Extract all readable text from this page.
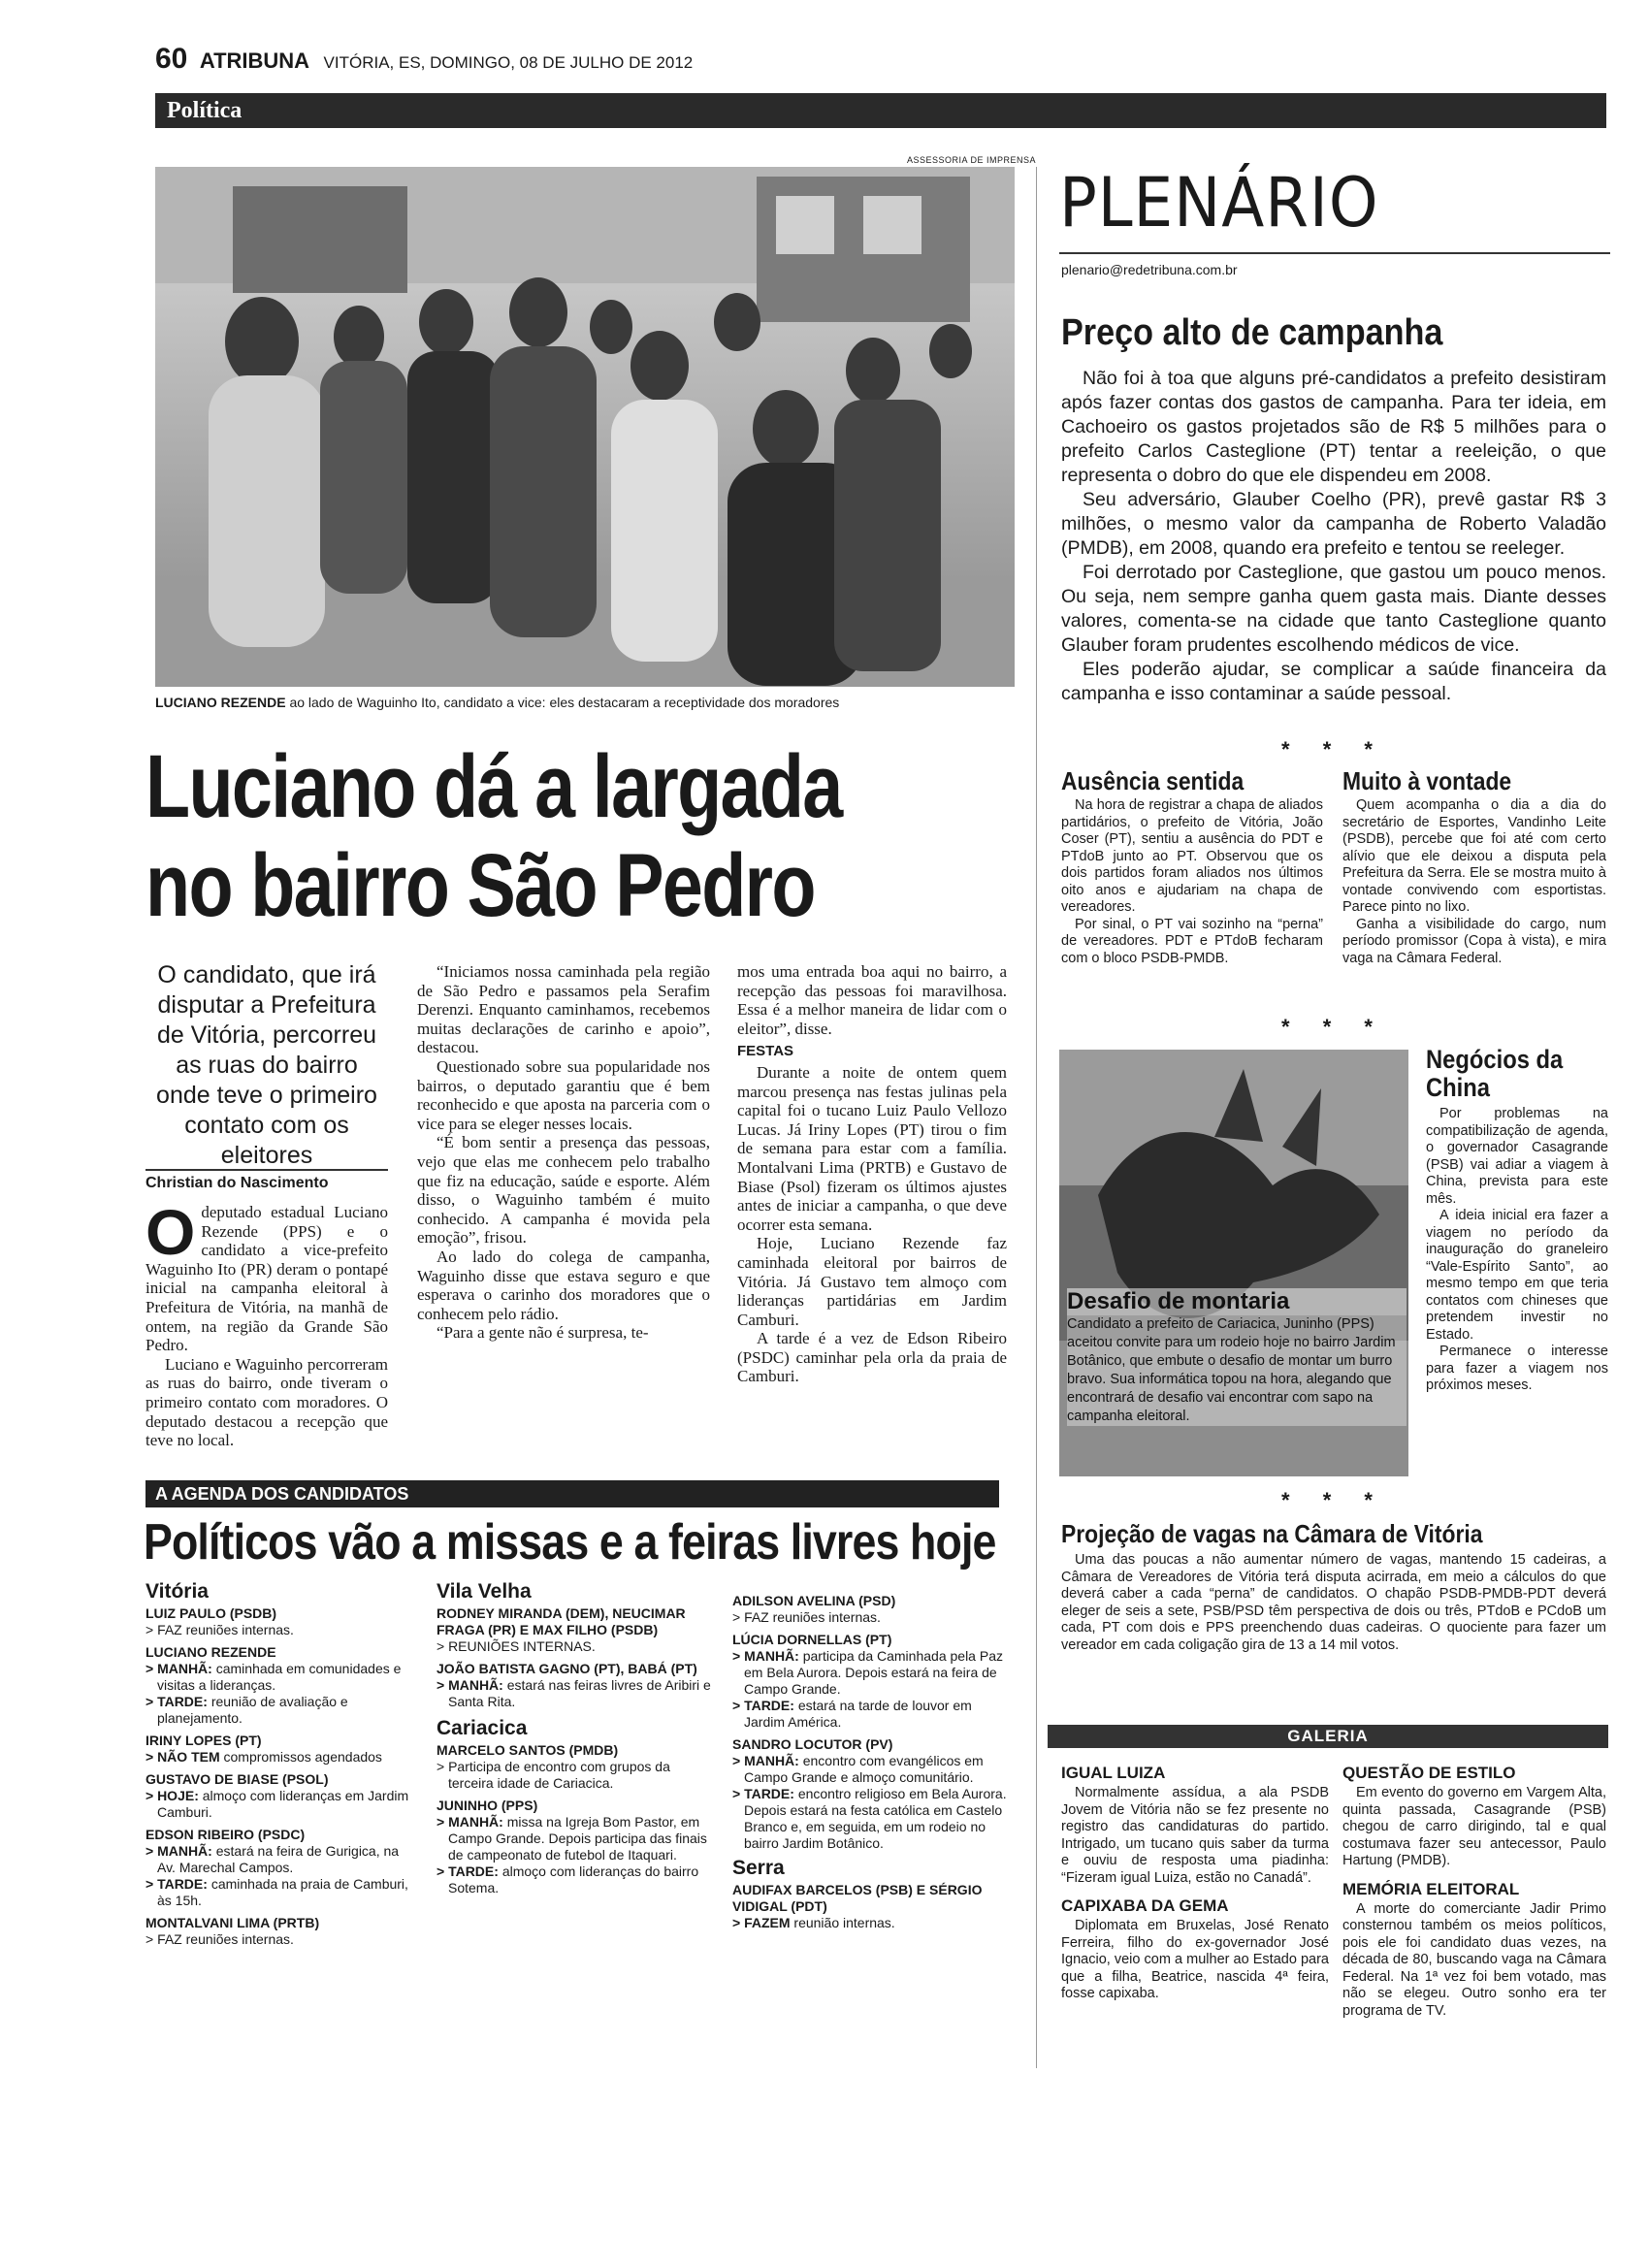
60 ATRIBUNA VITÓRIA, ES, DOMINGO, 08 DE JULHO DE 2012
Política
ASSESSORIA DE IMPRENSA
LUCIANO REZENDE ao lado de Waguinho Ito, candidato a vice: eles destacaram a receptividade dos moradores
Luciano dá a largada
no bairro São Pedro
O candidato, que irá disputar a Prefeitura de Vitória, percorreu as ruas do bairro onde teve o primeiro contato com os eleitores
Christian do Nascimento
O deputado estadual Luciano Rezende (PPS) e o candidato a vice-prefeito Waguinho Ito (PR) deram o pontapé inicial na campanha eleitoral à Prefeitura de Vitória, na manhã de ontem, na região da Grande São Pedro.

Luciano e Waguinho percorreram as ruas do bairro, onde tiveram o primeiro contato com moradores. O deputado destacou a recepção que teve no local.

“Iniciamos nossa caminhada pela região de São Pedro e passamos pela Serafim Derenzi. Enquanto caminhamos, recebemos muitas declarações de carinho e apoio”, destacou.

Questionado sobre sua popularidade nos bairros, o deputado garantiu que é bem reconhecido e que aposta na parceria com o vice para se eleger nesses locais.

“É bom sentir a presença das pessoas, vejo que elas me conhecem pelo trabalho que fiz na educação, saúde e esporte. Além disso, o Waguinho também é muito conhecido. A campanha é movida pela emoção”, frisou.

Ao lado do colega de campanha, Waguinho disse que estava seguro e que esperava o carinho dos moradores que o conhecem pelo rádio.

“Para a gente não é surpresa, te-

mos uma entrada boa aqui no bairro, a recepção das pessoas foi maravilhosa. Essa é a melhor maneira de lidar com o eleitor”, disse.

FESTAS

Durante a noite de ontem quem marcou presença nas festas julinas pela capital foi o tucano Luiz Paulo Vellozo Lucas. Já Iriny Lopes (PT) tirou o fim de semana para estar com a família. Montalvani Lima (PRTB) e Gustavo de Biase (Psol) fizeram os últimos ajustes antes de iniciar a campanha, o que deve ocorrer esta semana.

Hoje, Luciano Rezende faz caminhada eleitoral por bairros de Vitória. Já Gustavo tem almoço com lideranças partidárias em Jardim Camburi.

A tarde é a vez de Edson Ribeiro (PSDC) caminhar pela orla da praia de Camburi.

A AGENDA DOS CANDIDATOS
Políticos vão a missas e a feiras livres hoje
Vitória
LUIZ PAULO (PSDB)
> FAZ reuniões internas.
LUCIANO REZENDE
> MANHÃ: caminhada em comunidades e visitas a lideranças.
> TARDE: reunião de avaliação e planejamento.
IRINY LOPES (PT)
> NÃO TEM compromissos agendados
GUSTAVO DE BIASE (PSOL)
> HOJE: almoço com lideranças em Jardim Camburi.
EDSON RIBEIRO (PSDC)
> MANHÃ: estará na feira de Gurigica, na Av. Marechal Campos.
> TARDE: caminhada na praia de Camburi, às 15h.
MONTALVANI LIMA (PRTB)
> FAZ reuniões internas.
Vila Velha
RODNEY MIRANDA (DEM), NEUCIMAR FRAGA (PR) E MAX FILHO (PSDB)
> REUNIÕES INTERNAS.
JOÃO BATISTA GAGNO (PT), BABÁ (PT)
> MANHÃ: estará nas feiras livres de Aribiri e Santa Rita.
Cariacica
MARCELO SANTOS (PMDB)
> Participa de encontro com grupos da terceira idade de Cariacica.
JUNINHO (PPS)
> MANHÃ: missa na Igreja Bom Pastor, em Campo Grande. Depois participa das finais de campeonato de futebol de Itaquari.
> TARDE: almoço com lideranças do bairro Sotema.
ADILSON AVELINA (PSD)
> FAZ reuniões internas.
LÚCIA DORNELLAS (PT)
> MANHÃ: participa da Caminhada pela Paz em Bela Aurora. Depois estará na feira de Campo Grande.
> TARDE: estará na tarde de louvor em Jardim América.
SANDRO LOCUTOR (PV)
> MANHÃ: encontro com evangélicos em Campo Grande e almoço comunitário.
> TARDE: encontro religioso em Bela Aurora. Depois estará na festa católica em Castelo Branco e, em seguida, em um rodeio no bairro Jardim Botânico.
Serra
AUDIFAX BARCELOS (PSB) E SÉRGIO VIDIGAL (PDT)
> FAZEM reunião internas.
PLENÁRIO
plenario@redetribuna.com.br
Preço alto de campanha

Não foi à toa que alguns pré-candidatos a prefeito desistiram após fazer contas dos gastos de campanha. Para ter ideia, em Cachoeiro os gastos projetados são de R$ 5 milhões para o prefeito Carlos Casteglione (PT) tentar a reeleição, o que representa o dobro do que ele dispendeu em 2008.

Seu adversário, Glauber Coelho (PR), prevê gastar R$ 3 milhões, o mesmo valor da campanha de Roberto Valadão (PMDB), em 2008, quando era prefeito e tentou se reeleger.

Foi derrotado por Casteglione, que gastou um pouco menos. Ou seja, nem sempre ganha quem gasta mais. Diante desses valores, comenta-se na cidade que tanto Casteglione quanto Glauber foram prudentes escolhendo médicos de vice.

Eles poderão ajudar, se complicar a saúde financeira da campanha e isso contaminar a saúde pessoal.

* * *
Ausência sentida

Na hora de registrar a chapa de aliados partidários, o prefeito de Vitória, João Coser (PT), sentiu a ausência do PDT e PTdoB junto ao PT. Observou que os dois partidos foram aliados nos últimos oito anos e ajudariam na chapa de vereadores.

Por sinal, o PT vai sozinho na “perna” de vereadores. PDT e PTdoB fecharam com o bloco PSDB-PMDB.

Muito à vontade

Quem acompanha o dia a dia do secretário de Esportes, Vandinho Leite (PSDB), percebe que foi até com certo alívio que ele deixou a disputa pela Prefeitura da Serra. Ele se mostra muito à vontade convivendo com esportistas. Parece pinto no lixo.

Ganha a visibilidade do cargo, num período promissor (Copa à vista), e mira vaga na Câmara Federal.

* * *
Desafio de montaria
Candidato a prefeito de Cariacica, Juninho (PPS) aceitou convite para um rodeio hoje no bairro Jardim Botânico, que embute o desafio de montar um burro bravo. Sua informática topou na hora, alegando que encontrará de desafio vai encontrar com sapo na campanha eleitoral.
Negócios da China

Por problemas na compatibilização de agenda, o governador Casagrande (PSB) vai adiar a viagem à China, prevista para este mês.

A ideia inicial era fazer a viagem no período da inauguração do graneleiro “Vale-Espírito Santo”, ao mesmo tempo em que teria contatos com chineses que pretendem investir no Estado.

Permanece o interesse para fazer a viagem nos próximos meses.

* * *
Projeção de vagas na Câmara de Vitória

Uma das poucas a não aumentar número de vagas, mantendo 15 cadeiras, a Câmara de Vereadores de Vitória terá disputa acirrada, em meio a cálculos do que deverá caber a cada “perna” de candidatos. O chapão PSDB-PMDB-PDT deverá eleger de seis a sete, PSB/PSD têm perspectiva de dois ou três, PTdoB e PCdoB um cada, PT com dois e PPS preenchendo duas cadeiras. O quociente para fazer um vereador em cada coligação gira de 13 a 14 mil votos.

GALERIA
IGUAL LUIZA

Normalmente assídua, a ala PSDB Jovem de Vitória não se fez presente no registro das candidaturas do partido. Intrigado, um tucano quis saber da turma e ouviu de resposta uma piadinha: “Fizeram igual Luiza, estão no Canadá”.

CAPIXABA DA GEMA

Diplomata em Bruxelas, José Renato Ferreira, filho do ex-governador José Ignacio, veio com a mulher ao Estado para que a filha, Beatrice, nascida 4ª feira, fosse capixaba.

QUESTÃO DE ESTILO

Em evento do governo em Vargem Alta, quinta passada, Casagrande (PSB) chegou de carro dirigindo, tal e qual costumava fazer seu antecessor, Paulo Hartung (PMDB).

MEMÓRIA ELEITORAL

A morte do comerciante Jadir Primo consternou também os meios políticos, pois ele foi candidato duas vezes, na década de 80, buscando vaga na Câmara Federal. Na 1ª vez foi bem votado, mas não se elegeu. Outro sonho era ter programa de TV.
